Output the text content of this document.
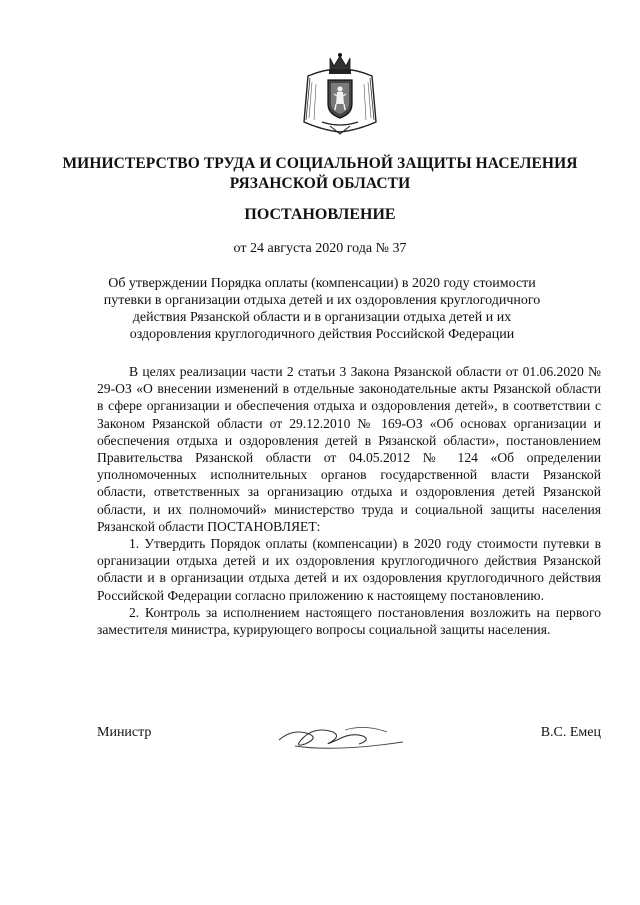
МИНИСТЕРСТВО ТРУДА И СОЦИАЛЬНОЙ ЗАЩИТЫ НАСЕЛЕНИЯ
РЯЗАНСКОЙ ОБЛАСТИ
ПОСТАНОВЛЕНИЕ
от 24 августа 2020 года № 37
Об утверждении Порядка оплаты (компенсации) в 2020 году стоимости
путевки в организации отдыха детей и их оздоровления круглогодичного
действия Рязанской области и в организации отдыха детей и их
оздоровления круглогодичного действия Российской Федерации

В целях реализации части 2 статьи 3 Закона Рязанской области от 01.06.2020 № 29-ОЗ «О внесении изменений в отдельные законодательные акты Рязанской области в сфере организации и обеспечения отдыха и оздоровления детей», в соответствии с Законом Рязанской области от 29.12.2010 № 169-ОЗ «Об основах организации и обеспечения отдыха и оздоровления детей в Рязанской области», постановлением Правительства Рязанской области от 04.05.2012 № 124 «Об определении уполномоченных исполнительных органов государственной власти Рязанской области, ответственных за организацию отдыха и оздоровления детей Рязанской области, и их полномочий» министерство труда и социальной защиты населения Рязанской области ПОСТАНОВЛЯЕТ:

1. Утвердить Порядок оплаты (компенсации) в 2020 году стоимости путевки в организации отдыха детей и их оздоровления круглогодичного действия Рязанской области и в организации отдыха детей и их оздоровления круглогодичного действия Российской Федерации согласно приложению к настоящему постановлению.

2. Контроль за исполнением настоящего постановления возложить на первого заместителя министра, курирующего вопросы социальной защиты населения.

Министр	В.С. Емец
